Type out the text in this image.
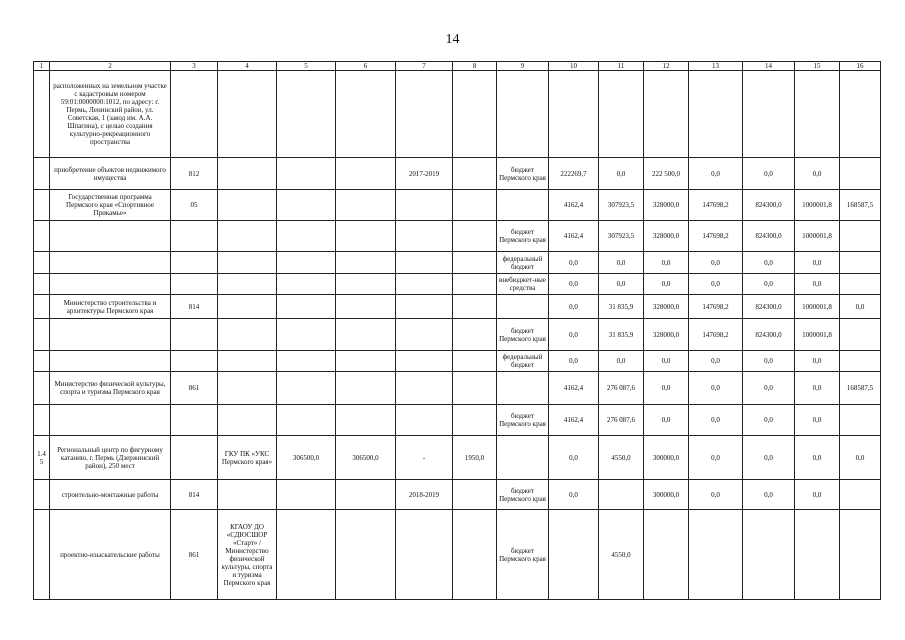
14
1	2	3	4	5	6	7	8	9	10	11	12	13	14	15	16
	расположенных на земельном участке с кадастровым номером 59:01:0000000:1012, по адресу: г. Пермь, Ленинский район, ул. Советская, 1 (завод им. А.А. Шпагина), с целью создания культурно-рекреационного пространства														
	приобретение объектов недвижимого имущества	812				2017-2019		бюджет Пермского края	222269,7	0,0	222 500,0	0,0	0,0	0,0	
	Государственная программа Пермского края «Спортивное Прикамье»	05							4162,4	307923,5	328000,0	147698,2	824300,0	1000001,8	168587,5
								бюджет Пермского края	4162,4	307923,5	328000,0	147698,2	824300,0	1000001,8	
								федеральный бюджет	0,0	0,0	0,0	0,0	0,0	0,0	
								внебюджет-ные средства	0,0	0,0	0,0	0,0	0,0	0,0	
	Министерство строительства и архитектуры Пермского края	814							0,0	31 835,9	328000,0	147698,2	824300,0	1000001,8	0,0
								бюджет Пермского края	0,0	31 835,9	328000,0	147698,2	824300,0	1000001,8	
								федеральный бюджет	0,0	0,0	0,0	0,0	0,0	0,0	
	Министерство физической культуры, спорта и туризма Пермского края	861							4162,4	276 087,6	0,0	0,0	0,0	0,0	168587,5
								бюджет Пермского края	4162,4	276 087,6	0,0	0,0	0,0	0,0	
1.45	Региональный центр по фигурному катанию, г. Пермь (Дзержинский район), 250 мест		ГКУ ПК «УКС Пермского края»	306500,0	306500,0	-	1950,0		0,0	4550,0	300000,0	0,0	0,0	0,0	0,0
	строительно-монтажные работы	814				2018-2019		бюджет Пермского края	0,0		300000,0	0,0	0,0	0,0	
	проектно-изыскательские работы	861	КГАОУ ДО «СДЮСШОР «Старт» /Министерство физической культуры, спорта и туризма Пермского края					бюджет Пермского края		4550,0					
